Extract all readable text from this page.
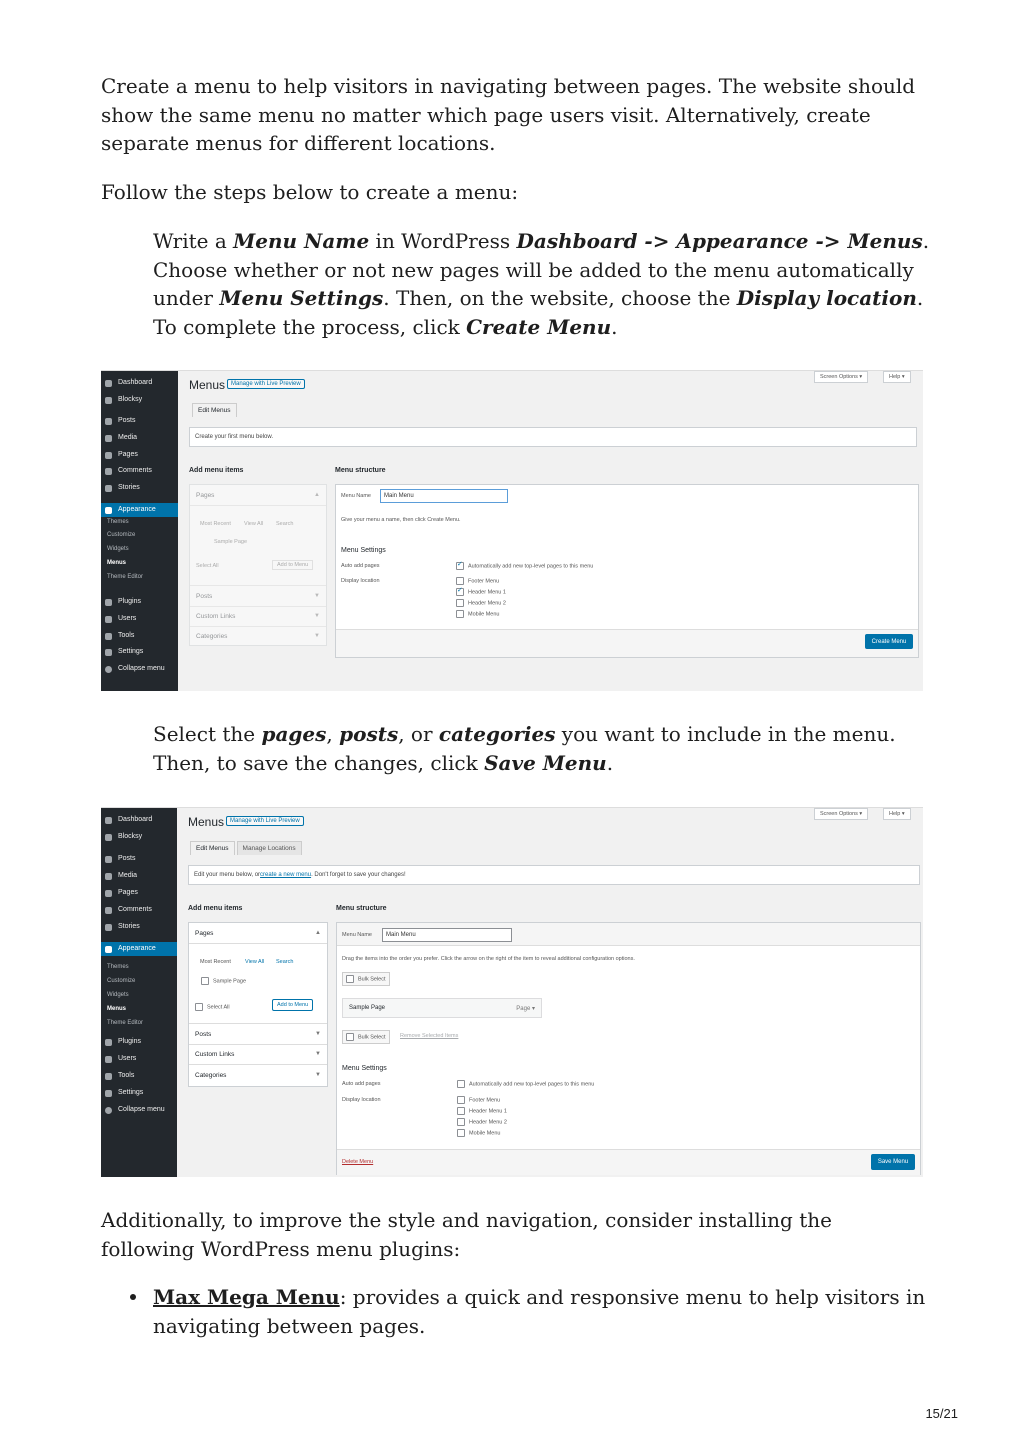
Create a menu to help visitors in navigating between pages. The website should show the same menu no matter which page users visit. Alternatively, create separate menus for different locations.

Follow the steps below to create a menu:

Write a Menu Name in WordPress Dashboard -> Appearance -> Menus. Choose whether or not new pages will be added to the menu automatically under Menu Settings. Then, on the website, choose the Display location. To complete the process, click Create Menu.

Dashboard
Blocksy
Posts
Media
Pages
Comments
Stories
Appearance
Themes
Customize
Widgets
Menus
Theme Editor
Plugins
Users
Tools
Settings
Collapse menu
Screen Options ▾	Help ▾
Menus Manage with Live Preview
Edit Menus
Create your first menu below.
Add menu items	Menu structure
Pages	▲
Most Recent View All Search
Sample Page
Select All	Add to Menu
Posts	▼
Custom Links	▼
Categories	▼
Menu Name Main Menu
Give your menu a name, then click Create Menu.
Menu Settings
Auto add pages
✓	Automatically add new top-level pages to this menu
Display location	Footer Menu
✓Header Menu 1
Header Menu 2
Mobile Menu
Create Menu

Select the pages, posts, or categories you want to include in the menu. Then, to save the changes, click Save Menu.

Dashboard
Blocksy
Posts
Media
Pages
Comments
Stories
Appearance
Themes
Customize
Widgets
Menus
Theme Editor
Plugins
Users
Tools
Settings
Collapse menu
Screen Options ▾	Help ▾
Menus Manage with Live Preview
Edit Menus Manage Locations
Edit your menu below, or create a new menu . Don't forget to save your changes!
Add menu items	Menu structure
Pages	▲
Most Recent	View All Search
Sample Page
Select All	Add to Menu
Posts	▼
Custom Links	▼
Categories	▼
Menu Name Main Menu
Drag the items into the order you prefer. Click the arrow on the right of the item to reveal additional configuration options.
Bulk Select
Sample Page	Page ▾
Bulk Select	Remove Selected Items
Menu Settings
Auto add pages	Automatically add new top-level pages to this menu
Display location	Footer Menu
Header Menu 1
Header Menu 2
Mobile Menu
Delete Menu	Save Menu

Additionally, to improve the style and navigation, consider installing the following WordPress menu plugins:

Max Mega Menu: provides a quick and responsive menu to help visitors in navigating between pages.

15/21
